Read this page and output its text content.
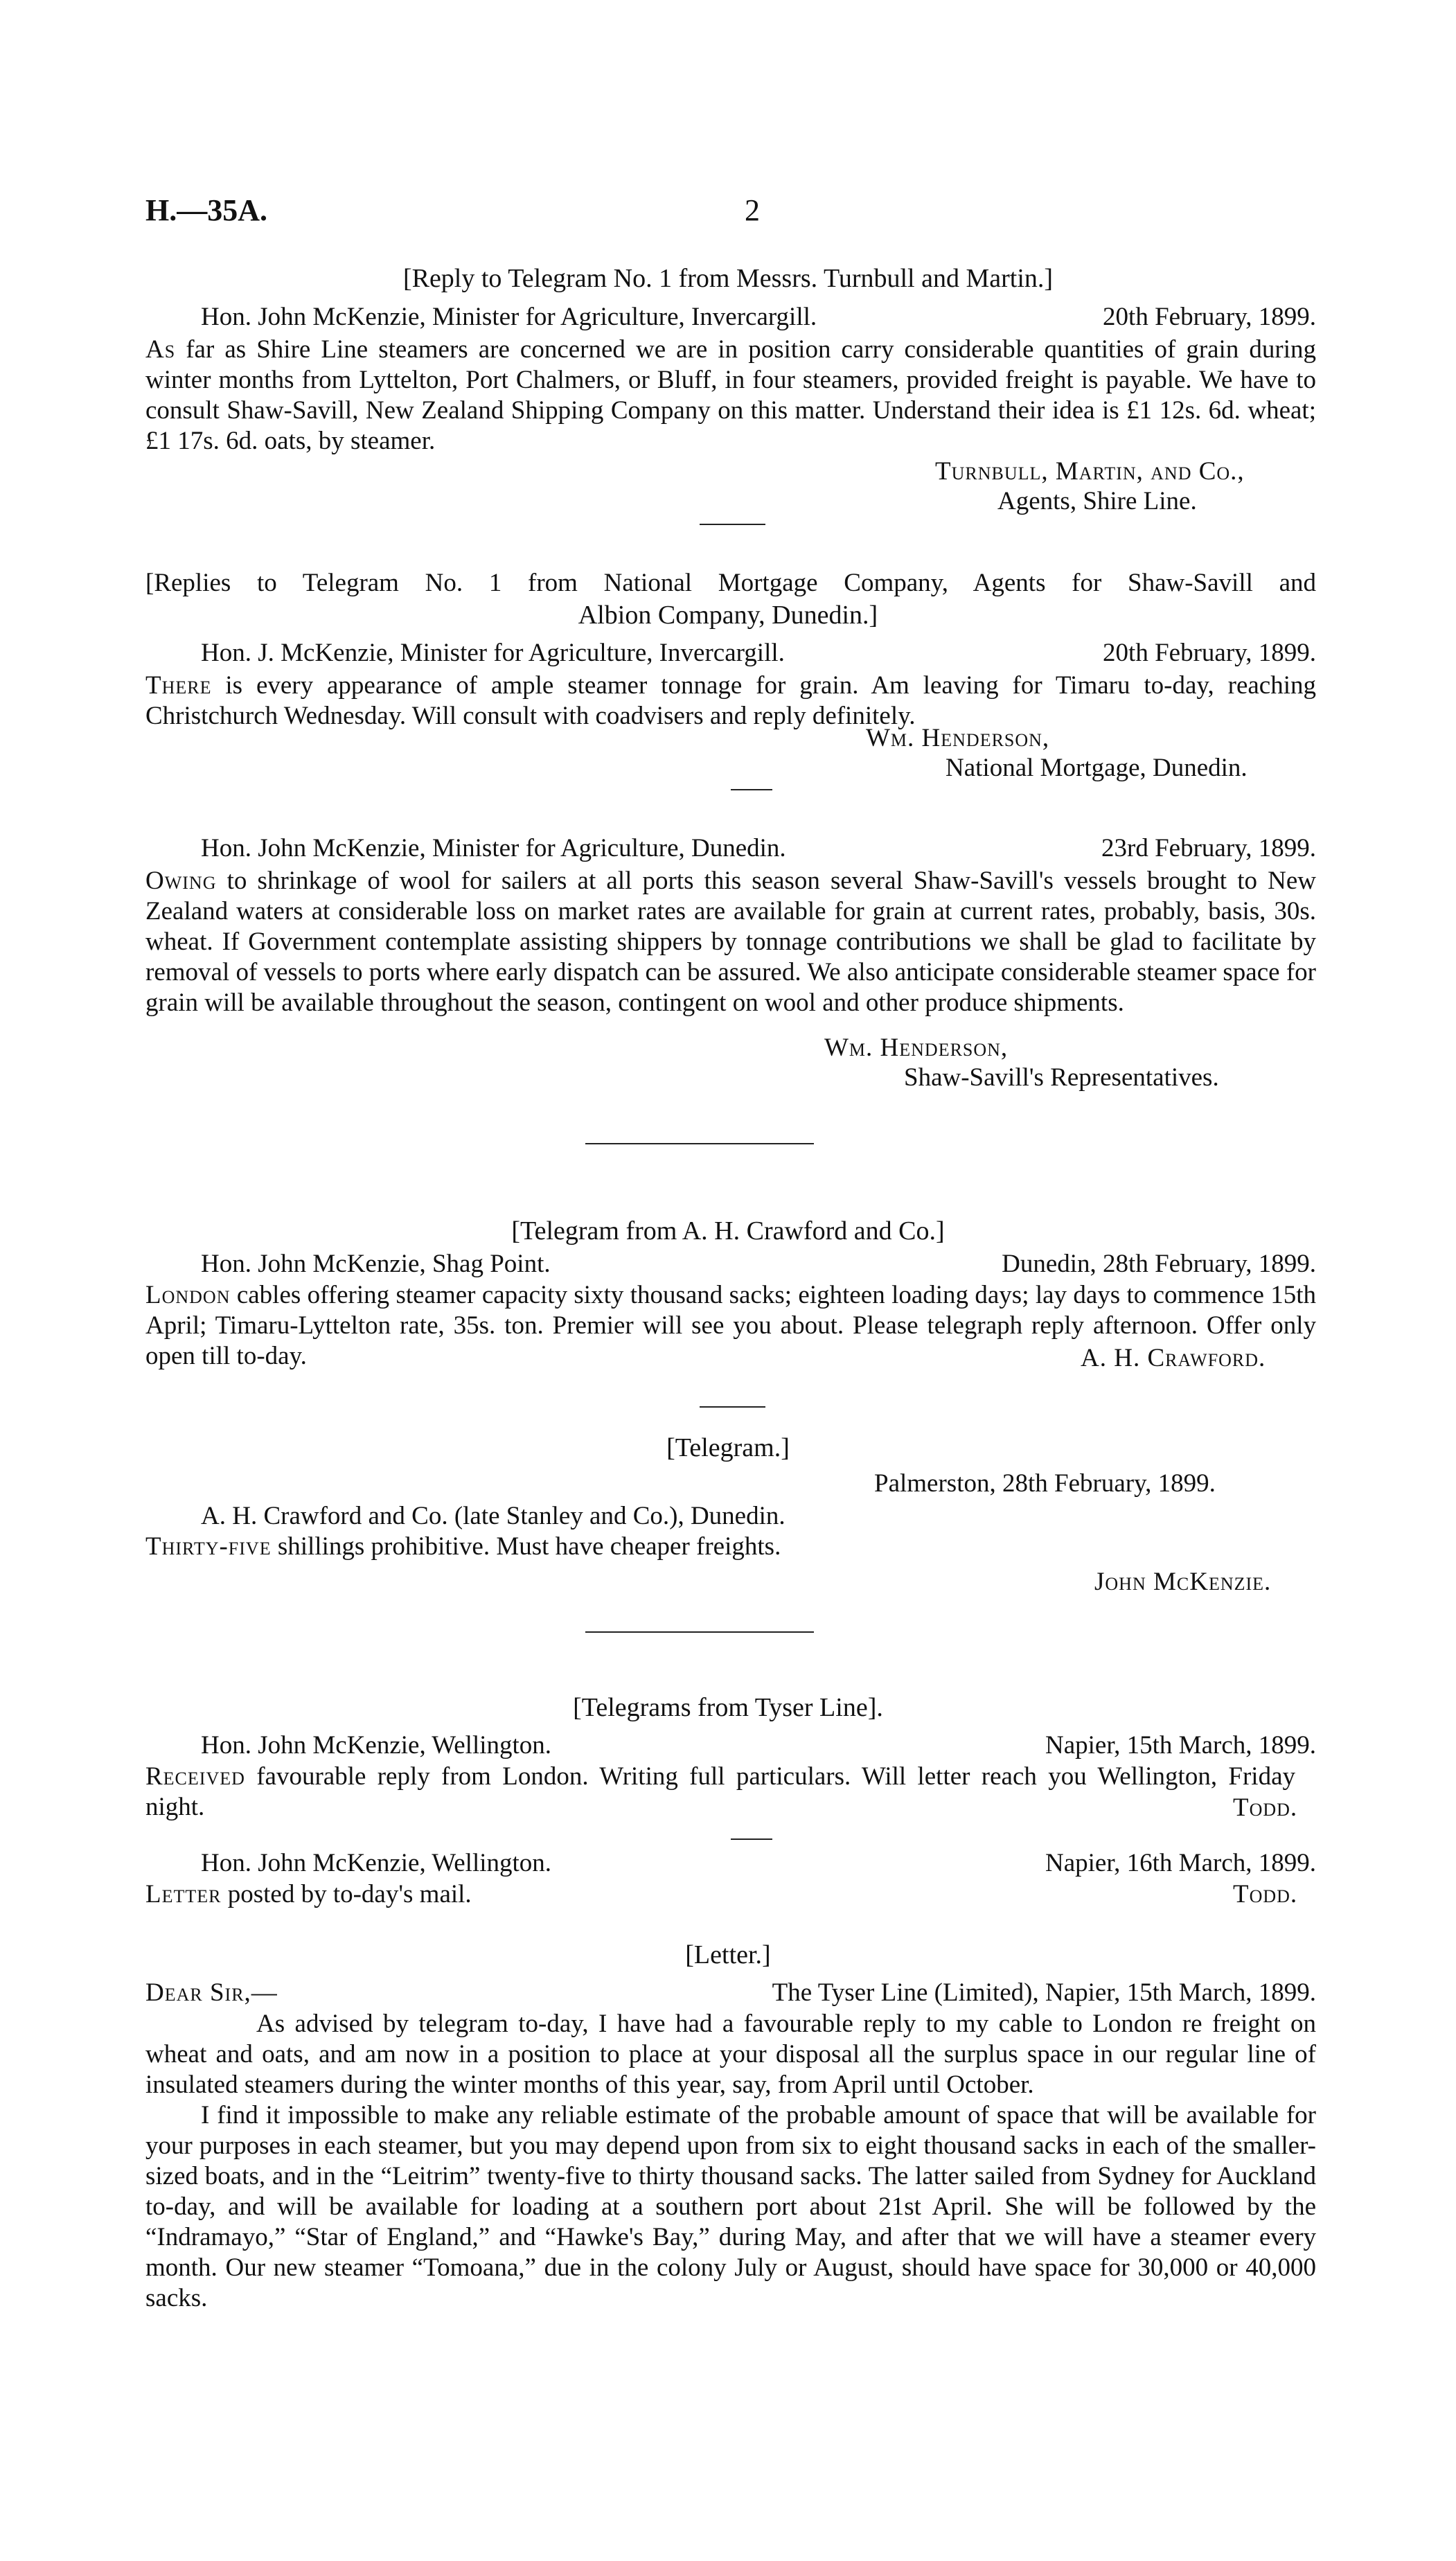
H.—35A.	2
[Reply to Telegram No. 1 from Messrs. Turnbull and Martin.]
Hon. John McKenzie, Minister for Agriculture, Invercargill.	20th February, 1899.

As far as Shire Line steamers are concerned we are in position carry considerable quantities of grain during winter months from Lyttelton, Port Chalmers, or Bluff, in four steamers, provided freight is payable. We have to consult Shaw-Savill, New Zealand Shipping Company on this matter. Understand their idea is £1 12s. 6d. wheat; £1 17s. 6d. oats, by steamer.

Turnbull, Martin, and Co.,
Agents, Shire Line.

[Replies to Telegram No. 1 from National Mortgage Company, Agents for Shaw-Savill and

Albion Company, Dunedin.]
Hon. J. McKenzie, Minister for Agriculture, Invercargill.	20th February, 1899.

There is every appearance of ample steamer tonnage for grain. Am leaving for Timaru to-day, reaching Christchurch Wednesday. Will consult with coadvisers and reply definitely.

Wm. Henderson,
National Mortgage, Dunedin.
Hon. John McKenzie, Minister for Agriculture, Dunedin.	23rd February, 1899.

Owing to shrinkage of wool for sailers at all ports this season several Shaw-Savill's vessels brought to New Zealand waters at considerable loss on market rates are available for grain at current rates, probably, basis, 30s. wheat. If Government contemplate assisting shippers by tonnage contributions we shall be glad to facilitate by removal of vessels to ports where early dispatch can be assured. We also anticipate considerable steamer space for grain will be available throughout the season, contingent on wool and other produce shipments.

Wm. Henderson,
Shaw-Savill's Representatives.
[Telegram from A. H. Crawford and Co.]
Hon. John McKenzie, Shag Point.	Dunedin, 28th February, 1899.

London cables offering steamer capacity sixty thousand sacks; eighteen loading days; lay days to commence 15th April; Timaru-Lyttelton rate, 35s. ton. Premier will see you about. Please telegraph reply afternoon. Offer only open till to-day.	A. H. Crawford.
[Telegram.]
Palmerston, 28th February, 1899.
A. H. Crawford and Co. (late Stanley and Co.), Dunedin.
Thirty-five shillings prohibitive. Must have cheaper freights.
John McKenzie.
[Telegrams from Tyser Line].
Hon. John McKenzie, Wellington.	Napier, 15th March, 1899.

Received favourable reply from London. Writing full particulars. Will letter reach you Wellington, Friday night.	Todd.
Hon. John McKenzie, Wellington.	Napier, 16th March, 1899.
Letter posted by to-day's mail.	Todd.
[Letter.]
Dear Sir,—	The Tyser Line (Limited), Napier, 15th March, 1899.

As advised by telegram to-day, I have had a favourable reply to my cable to London re freight on wheat and oats, and am now in a position to place at your disposal all the surplus space in our regular line of insulated steamers during the winter months of this year, say, from April until October.

I find it impossible to make any reliable estimate of the probable amount of space that will be available for your purposes in each steamer, but you may depend upon from six to eight thousand sacks in each of the smaller-sized boats, and in the “Leitrim” twenty-five to thirty thousand sacks. The latter sailed from Sydney for Auckland to-day, and will be available for loading at a southern port about 21st April. She will be followed by the “Indramayo,” “Star of England,” and “Hawke's Bay,” during May, and after that we will have a steamer every month. Our new steamer “Tomoana,” due in the colony July or August, should have space for 30,000 or 40,000 sacks.
